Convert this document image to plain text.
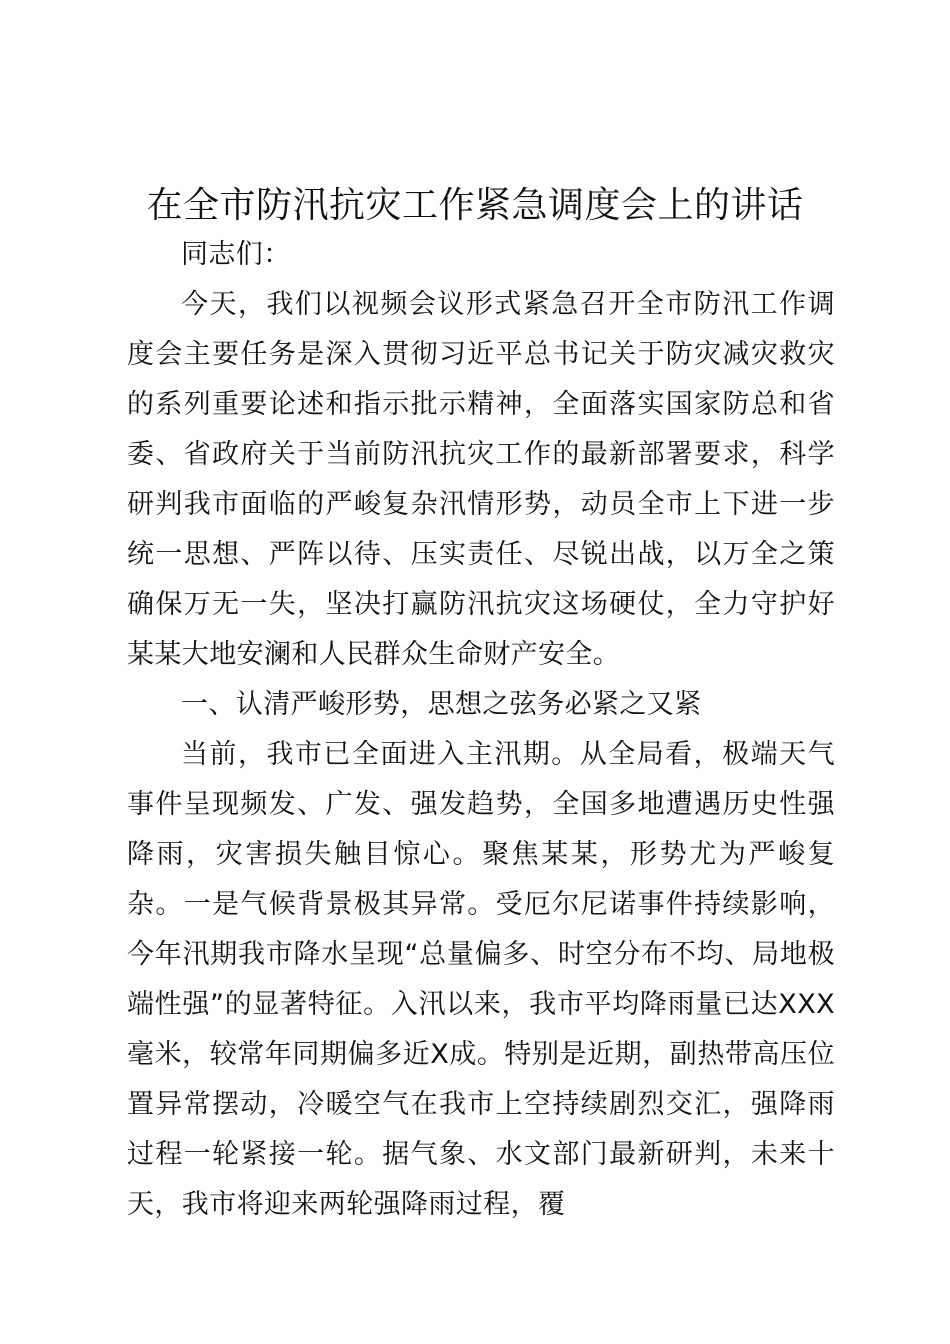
在全市防汛抗灾工作紧急调度会上的讲话

同志们：

今天，我们以视频会议形式紧急召开全市防汛工作调度会主要任务是深入贯彻习近平总书记关于防灾减灾救灾的系列重要论述和指示批示精神，全面落实国家防总和省委、省政府关于当前防汛抗灾工作的最新部署要求，科学研判我市面临的严峻复杂汛情形势，动员全市上下进一步统一思想、严阵以待、压实责任、尽锐出战，以万全之策确保万无一失，坚决打赢防汛抗灾这场硬仗，全力守护好某某大地安澜和人民群众生命财产安全。

一、认清严峻形势，思想之弦务必紧之又紧

当前，我市已全面进入主汛期。从全局看，极端天气事件呈现频发、广发、强发趋势，全国多地遭遇历史性强降雨，灾害损失触目惊心。聚焦某某，形势尤为严峻复杂。一是气候背景极其异常。受厄尔尼诺事件持续影响，今年汛期我市降水呈现“总量偏多、时空分布不均、局地极端性强”的显著特征。入汛以来，我市平均降雨量已达XXX毫米，较常年同期偏多近X成。特别是近期，副热带高压位置异常摆动，冷暖空气在我市上空持续剧烈交汇，强降雨过程一轮紧接一轮。据气象、水文部门最新研判，未来十天，我市将迎来两轮强降雨过程，覆
